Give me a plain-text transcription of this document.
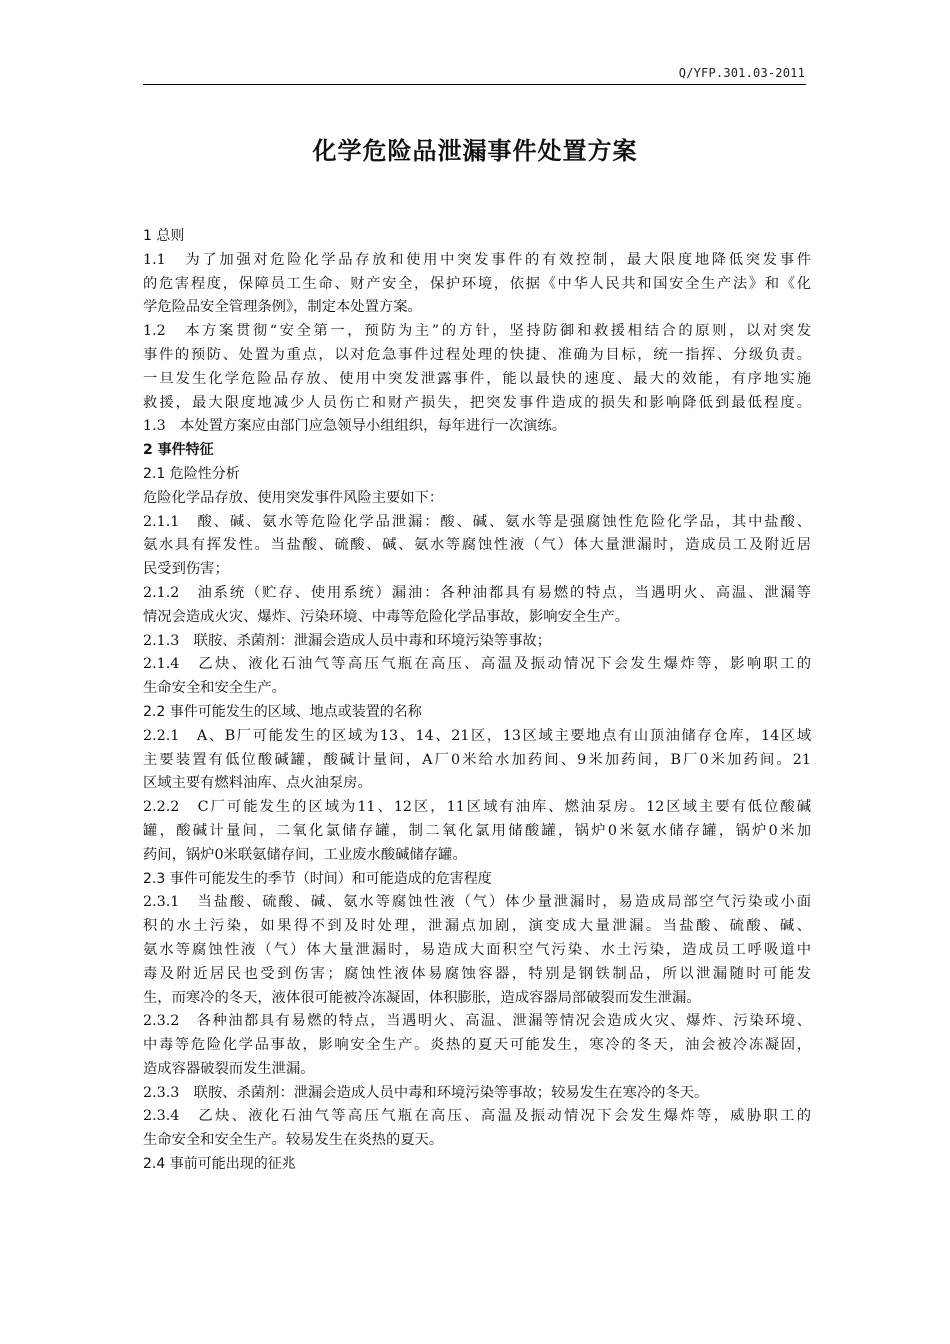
Q/YFP.301.03-2011
化学危险品泄漏事件处置方案
1 总则
1.1　为了加强对危险化学品存放和使用中突发事件的有效控制，最大限度地降低突发事件
的危害程度，保障员工生命、财产安全，保护环境，依据《中华人民共和国安全生产法》和《化
学危险品安全管理条例》，制定本处置方案。
1.2　本方案贯彻“安全第一，预防为主”的方针，坚持防御和救援相结合的原则，以对突发
事件的预防、处置为重点，以对危急事件过程处理的快捷、准确为目标，统一指挥、分级负责。
一旦发生化学危险品存放、使用中突发泄露事件，能以最快的速度、最大的效能，有序地实施
救援，最大限度地减少人员伤亡和财产损失，把突发事件造成的损失和影响降低到最低程度。
1.3　本处置方案应由部门应急领导小组组织，每年进行一次演练。
2 事件特征
2.1 危险性分析
危险化学品存放、使用突发事件风险主要如下：
2.1.1　酸、碱、氨水等危险化学品泄漏：酸、碱、氨水等是强腐蚀性危险化学品，其中盐酸、
氨水具有挥发性。当盐酸、硫酸、碱、氨水等腐蚀性液（气）体大量泄漏时，造成员工及附近居
民受到伤害；
2.1.2　油系统（贮存、使用系统）漏油：各种油都具有易燃的特点，当遇明火、高温、泄漏等
情况会造成火灾、爆炸、污染环境、中毒等危险化学品事故，影响安全生产。
2.1.3　联胺、杀菌剂：泄漏会造成人员中毒和环境污染等事故；
2.1.4　乙炔、液化石油气等高压气瓶在高压、高温及振动情况下会发生爆炸等，影响职工的
生命安全和安全生产。
2.2 事件可能发生的区域、地点或装置的名称
2.2.1　A、B厂可能发生的区域为13、14、21区，13区域主要地点有山顶油储存仓库，14区域
主要装置有低位酸碱罐，酸碱计量间，A厂0米给水加药间、9米加药间，B厂0米加药间。21
区域主要有燃料油库、点火油泵房。
2.2.2　C厂可能发生的区域为11、12区，11区域有油库、燃油泵房。12区域主要有低位酸碱
罐，酸碱计量间，二氧化氯储存罐，制二氧化氯用储酸罐，锅炉0米氨水储存罐，锅炉0米加
药间，锅炉0米联氨储存间，工业废水酸碱储存罐。
2.3 事件可能发生的季节（时间）和可能造成的危害程度
2.3.1　当盐酸、硫酸、碱、氨水等腐蚀性液（气）体少量泄漏时，易造成局部空气污染或小面
积的水土污染，如果得不到及时处理，泄漏点加剧，演变成大量泄漏。当盐酸、硫酸、碱、
氨水等腐蚀性液（气）体大量泄漏时，易造成大面积空气污染、水土污染，造成员工呼吸道中
毒及附近居民也受到伤害；腐蚀性液体易腐蚀容器，特别是钢铁制品，所以泄漏随时可能发
生，而寒冷的冬天，液体很可能被冷冻凝固，体积膨胀，造成容器局部破裂而发生泄漏。
2.3.2　各种油都具有易燃的特点，当遇明火、高温、泄漏等情况会造成火灾、爆炸、污染环境、
中毒等危险化学品事故，影响安全生产。炎热的夏天可能发生，寒冷的冬天，油会被冷冻凝固，
造成容器破裂而发生泄漏。
2.3.3　联胺、杀菌剂：泄漏会造成人员中毒和环境污染等事故；较易发生在寒冷的冬天。
2.3.4　乙炔、液化石油气等高压气瓶在高压、高温及振动情况下会发生爆炸等，威胁职工的
生命安全和安全生产。较易发生在炎热的夏天。
2.4 事前可能出现的征兆
